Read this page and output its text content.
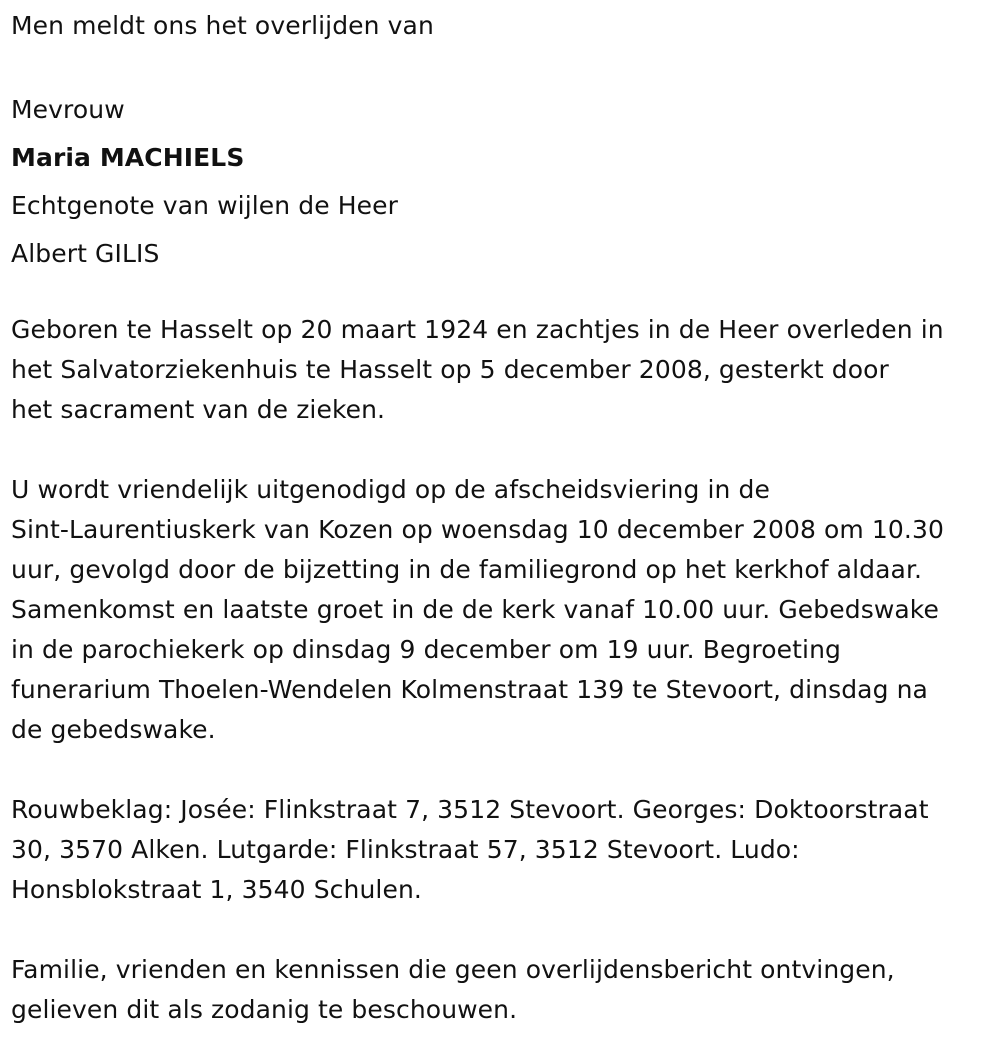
Men meldt ons het overlijden van
Mevrouw
Maria MACHIELS
Echtgenote van wijlen de Heer
Albert GILIS
Geboren te Hasselt op 20 maart 1924 en zachtjes in de Heer overleden in
het Salvatorziekenhuis te Hasselt op 5 december 2008, gesterkt door
het sacrament van de zieken.
U wordt vriendelijk uitgenodigd op de afscheidsviering in de
Sint-Laurentiuskerk van Kozen op woensdag 10 december 2008 om 10.30
uur, gevolgd door de bijzetting in de familiegrond op het kerkhof aldaar.
Samenkomst en laatste groet in de de kerk vanaf 10.00 uur. Gebedswake
in de parochiekerk op dinsdag 9 december om 19 uur. Begroeting
funerarium Thoelen-Wendelen Kolmenstraat 139 te Stevoort, dinsdag na
de gebedswake.
Rouwbeklag: Josée: Flinkstraat 7, 3512 Stevoort. Georges: Doktoorstraat
30, 3570 Alken. Lutgarde: Flinkstraat 57, 3512 Stevoort. Ludo:
Honsblokstraat 1, 3540 Schulen.
Familie, vrienden en kennissen die geen overlijdensbericht ontvingen,
gelieven dit als zodanig te beschouwen.
